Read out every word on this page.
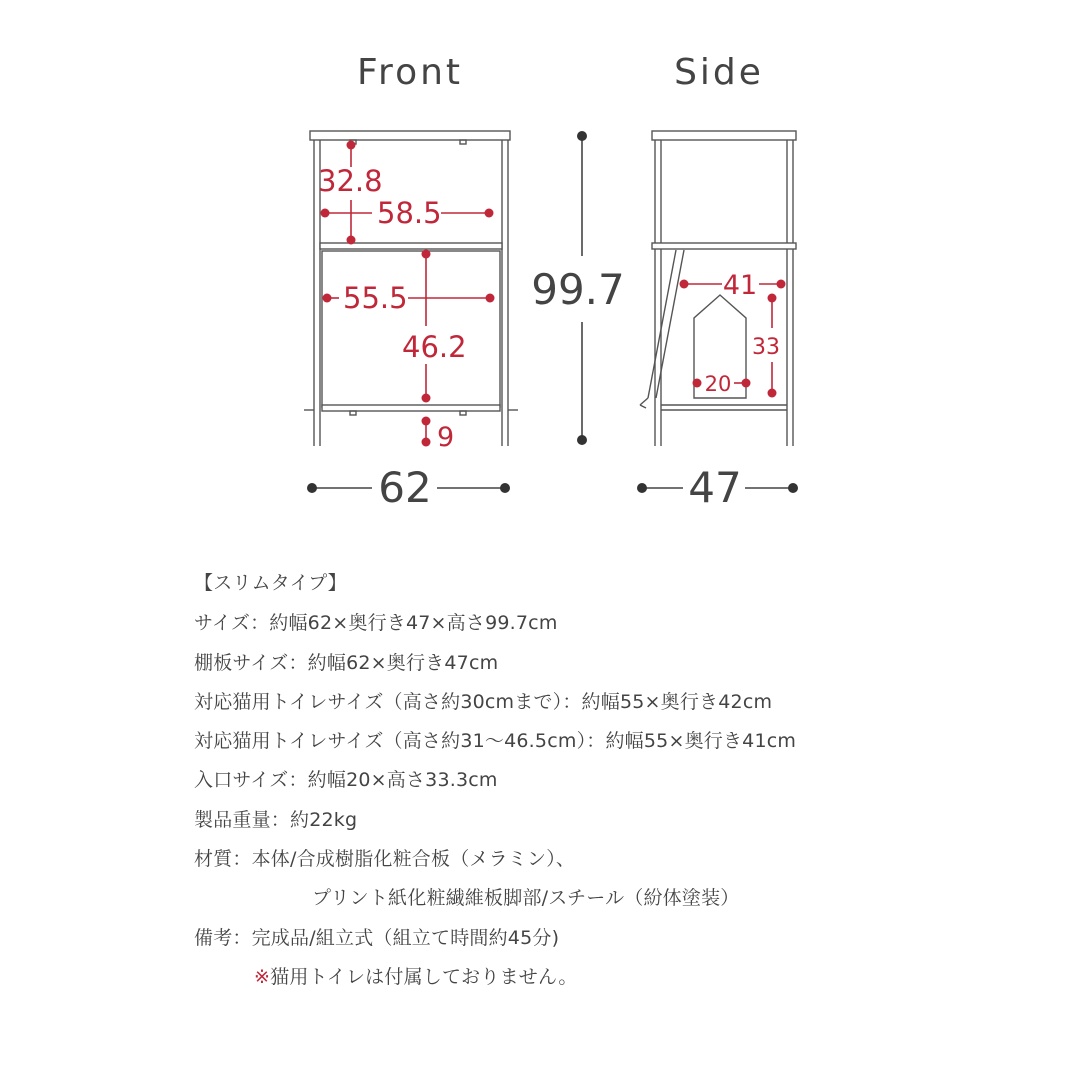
Front	Side
32.8
58.5
55.5
46.2
9
62
99.7	41
33
20
47
【スリムタイプ】
サイズ：約幅62×奥行き47×高さ99.7cm
棚板サイズ：約幅62×奥行き47cm
対応猫用トイレサイズ（高さ約30cmまで）：約幅55×奥行き42cm
対応猫用トイレサイズ（高さ約31〜46.5cm）：約幅55×奥行き41cm
入口サイズ：約幅20×高さ33.3cm
製品重量：約22kg
材質：本体/合成樹脂化粧合板（メラミン）、
プリント紙化粧繊維板脚部/スチール（紛体塗装）
備考：完成品/組立式（組立て時間約45分)
※猫用トイレは付属しておりません。
